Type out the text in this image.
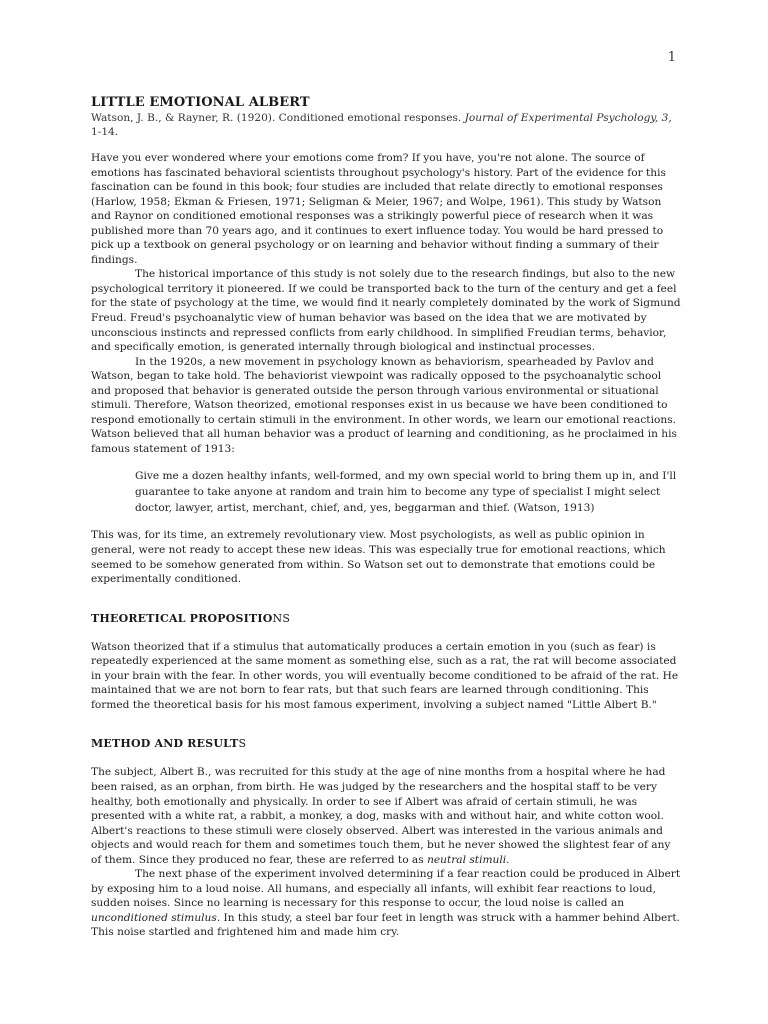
1
LITTLE EMOTIONAL ALBERT
Watson, J. B., & Rayner, R. (1920). Conditioned emotional responses. Journal of Experimental Psychology, 3, 1-14.

Have you ever wondered where your emotions come from? If you have, you're not alone. The source of emotions has fascinated behavioral scientists throughout psychology's history. Part of the evidence for this fascination can be found in this book; four studies are included that relate directly to emotional responses (Harlow, 1958; Ekman & Friesen, 1971; Seligman & Meier, 1967; and Wolpe, 1961). This study by Watson and Raynor on conditioned emotional responses was a strikingly powerful piece of research when it was published more than 70 years ago, and it continues to exert influence today. You would be hard pressed to pick up a textbook on general psychology or on learning and behavior without finding a summary of their findings.

The historical importance of this study is not solely due to the research findings, but also to the new psychological territory it pioneered. If we could be transported back to the turn of the century and get a feel for the state of psychology at the time, we would find it nearly completely dominated by the work of Sigmund Freud. Freud's psychoanalytic view of human behavior was based on the idea that we are motivated by unconscious instincts and repressed conflicts from early childhood. In simplified Freudian terms, behavior, and specifically emotion, is generated internally through biological and instinctual processes.

In the 1920s, a new movement in psychology known as behaviorism, spearheaded by Pavlov and Watson, began to take hold. The behaviorist viewpoint was radically opposed to the psychoanalytic school and proposed that behavior is generated outside the person through various environmental or situational stimuli. Therefore, Watson theorized, emotional responses exist in us because we have been conditioned to respond emotionally to certain stimuli in the environment. In other words, we learn our emotional reactions. Watson believed that all human behavior was a product of learning and conditioning, as he proclaimed in his famous statement of 1913:

Give me a dozen healthy infants, well-formed, and my own special world to bring them up in, and I'll guarantee to take anyone at random and train him to become any type of specialist I might select doctor, lawyer, artist, merchant, chief, and, yes, beggarman and thief. (Watson, 1913)

This was, for its time, an extremely revolutionary view. Most psychologists, as well as public opinion in general, were not ready to accept these new ideas. This was especially true for emotional reactions, which seemed to be somehow generated from within. So Watson set out to demonstrate that emotions could be experimentally conditioned.

THEORETICAL PROPOSITIONS

Watson theorized that if a stimulus that automatically produces a certain emotion in you (such as fear) is repeatedly experienced at the same moment as something else, such as a rat, the rat will become associated in your brain with the fear. In other words, you will eventually become conditioned to be afraid of the rat. He maintained that we are not born to fear rats, but that such fears are learned through conditioning. This formed the theoretical basis for his most famous experiment, involving a subject named "Little Albert B."

METHOD AND RESULTS

The subject, Albert B., was recruited for this study at the age of nine months from a hospital where he had been raised, as an orphan, from birth. He was judged by the researchers and the hospital staff to be very healthy, both emotionally and physically. In order to see if Albert was afraid of certain stimuli, he was presented with a white rat, a rabbit, a monkey, a dog, masks with and without hair, and white cotton wool. Albert's reactions to these stimuli were closely observed. Albert was interested in the various animals and objects and would reach for them and sometimes touch them, but he never showed the slightest fear of any of them. Since they produced no fear, these are referred to as neutral stimuli.

The next phase of the experiment involved determining if a fear reaction could be produced in Albert by exposing him to a loud noise. All humans, and especially all infants, will exhibit fear reactions to loud, sudden noises. Since no learning is necessary for this response to occur, the loud noise is called an unconditioned stimulus. In this study, a steel bar four feet in length was struck with a hammer behind Albert. This noise startled and frightened him and made him cry.
